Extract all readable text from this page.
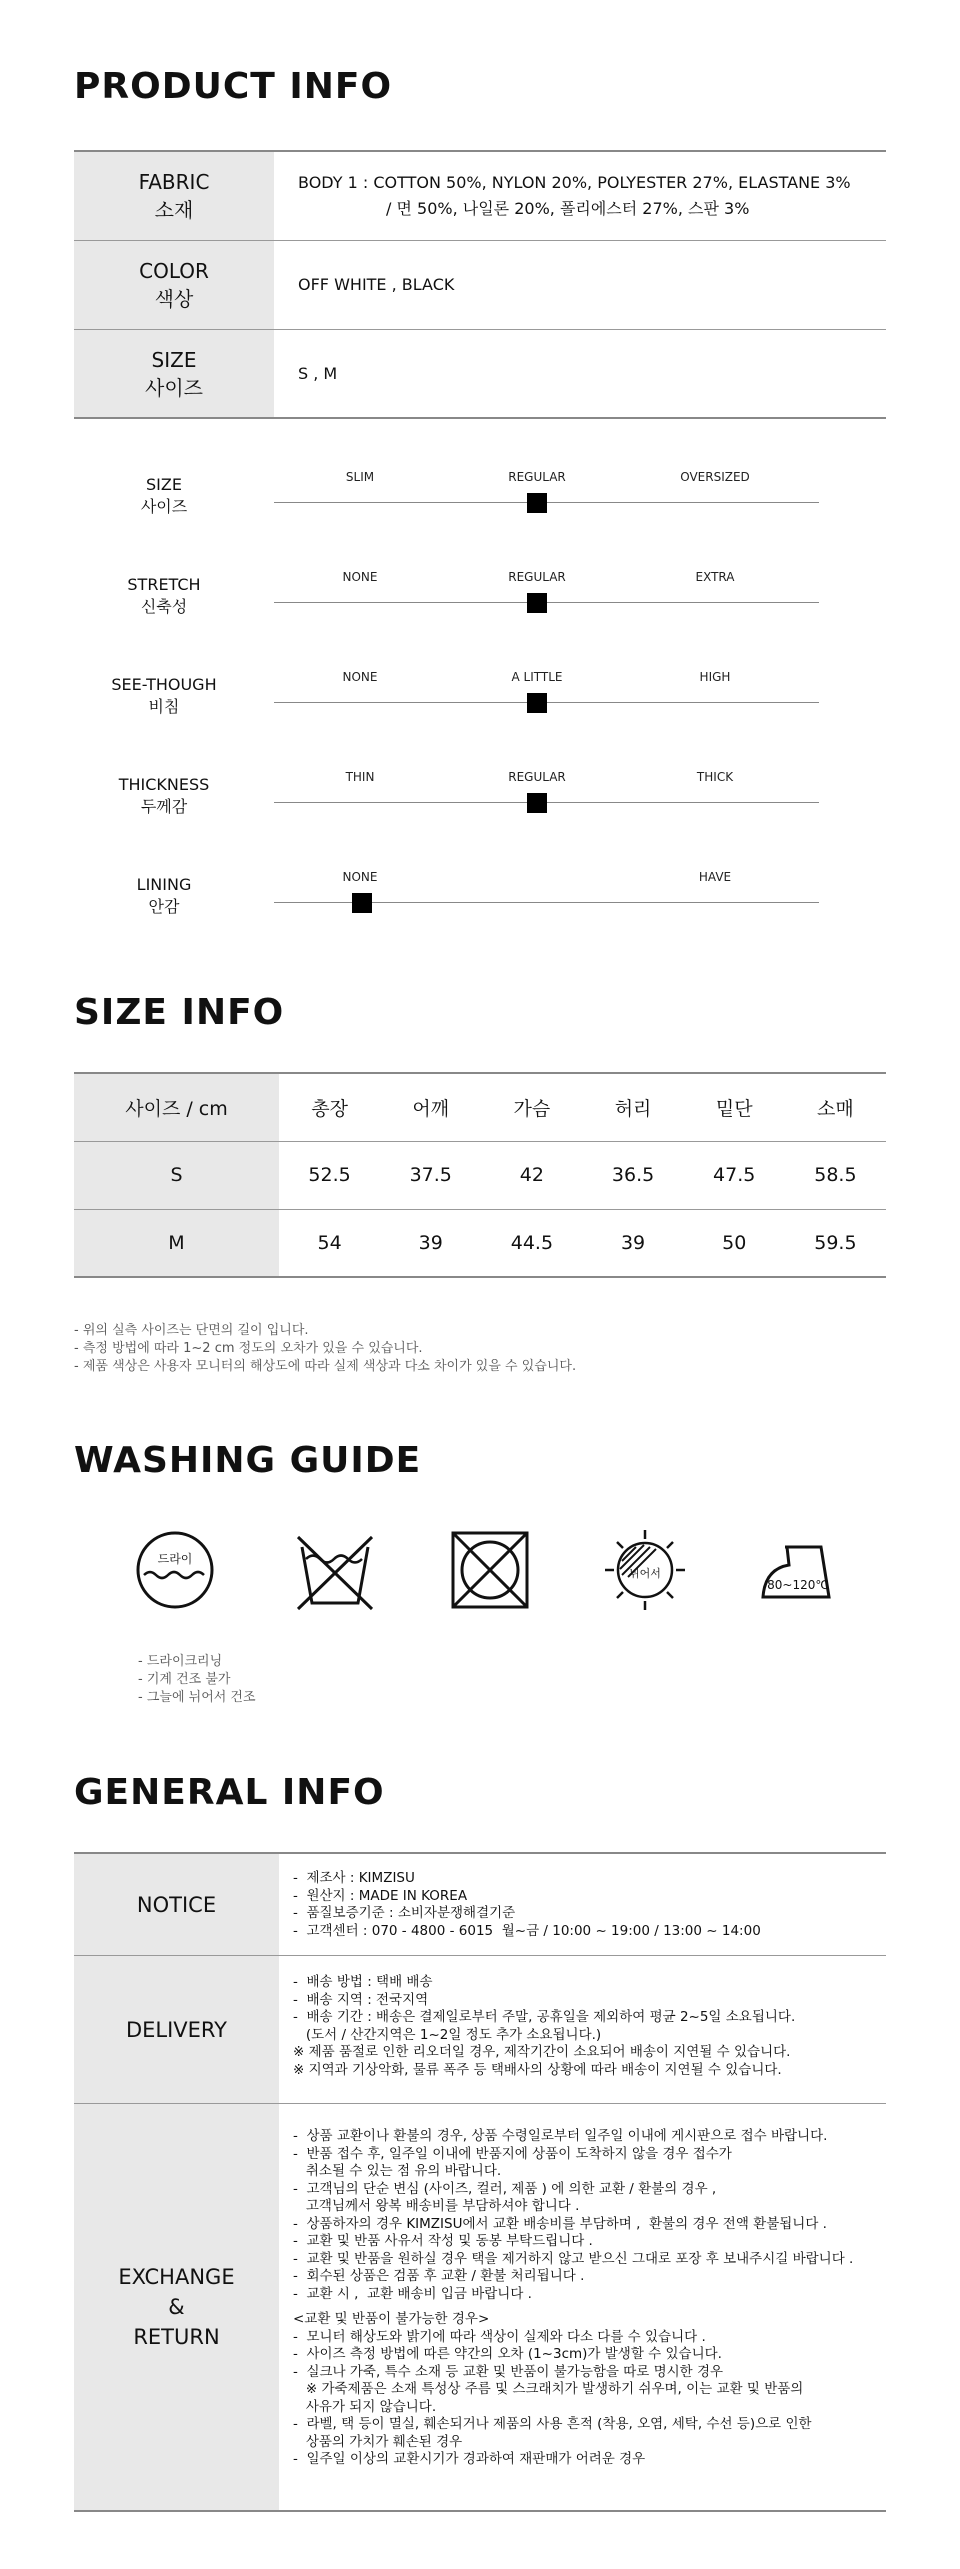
PRODUCT INFO
FABRIC
소재
BODY 1 : COTTON 50%, NYLON 20%, POLYESTER 27%, ELASTANE 3%
/ 면 50%, 나일론 20%, 폴리에스터 27%, 스판 3%
COLOR
색상
OFF WHITE , BLACK
SIZE
사이즈
S , M
SIZE
사이즈
SLIM	REGULAR	OVERSIZED
STRETCH
신축성
NONE	REGULAR	EXTRA
SEE-THOUGH
비침
NONE	A LITTLE	HIGH
THICKNESS
두께감
THIN	REGULAR	THICK
LINING
안감
NONE	HAVE
SIZE INFO
사이즈 / cm	총장	어깨	가슴	허리	밑단	소매
S	52.5	37.5	42	36.5	47.5	58.5
M	54	39	44.5	39	50	59.5
- 위의 실측 사이즈는 단면의 길이 입니다.
- 측정 방법에 따라 1~2 cm 정도의 오차가 있을 수 있습니다.
- 제품 색상은 사용자 모니터의 해상도에 따라 실제 색상과 다소 차이가 있을 수 있습니다.
WASHING GUIDE
드라이
뉘어서
80~120℃
- 드라이크리닝
- 기계 건조 불가
- 그늘에 뉘어서 건조
GENERAL INFO
NOTICE
-  제조사 : KIMZISU
-  원산지 : MADE IN KOREA
-  품질보증기준 : 소비자분쟁해결기준
-  고객센터 : 070 - 4800 - 6015  월~금 / 10:00 ~ 19:00 / 13:00 ~ 14:00
DELIVERY
-  배송 방법 : 택배 배송
-  배송 지역 : 전국지역
-  배송 기간 : 배송은 결제일로부터 주말, 공휴일을 제외하여 평균 2~5일 소요됩니다.
(도서 / 산간지역은 1~2일 정도 추가 소요됩니다.)
※ 제품 품절로 인한 리오더일 경우, 제작기간이 소요되어 배송이 지연될 수 있습니다.
※ 지역과 기상악화, 물류 폭주 등 택배사의 상황에 따라 배송이 지연될 수 있습니다.
EXCHANGE
&
RETURN
-  상품 교환이나 환불의 경우, 상품 수령일로부터 일주일 이내에 게시판으로 접수 바랍니다.
-  반품 접수 후, 일주일 이내에 반품지에 상품이 도착하지 않을 경우 접수가
취소될 수 있는 점 유의 바랍니다.
-  고객님의 단순 변심 (사이즈, 컬러, 제품 ) 에 의한 교환 / 환불의 경우 ,
고객님께서 왕복 배송비를 부담하셔야 합니다 .
-  상품하자의 경우 KIMZISU에서 교환 배송비를 부담하며 ,  환불의 경우 전액 환불됩니다 .
-  교환 및 반품 사유서 작성 및 동봉 부탁드립니다 .
-  교환 및 반품을 원하실 경우 택을 제거하지 않고 받으신 그대로 포장 후 보내주시길 바랍니다 .
-  회수된 상품은 검품 후 교환 / 환불 처리됩니다 .
-  교환 시 ,  교환 배송비 입금 바랍니다 .
<교환 및 반품이 불가능한 경우>
-  모니터 해상도와 밝기에 따라 색상이 실제와 다소 다를 수 있습니다 .
-  사이즈 측정 방법에 따른 약간의 오차 (1~3cm)가 발생할 수 있습니다.
-  실크나 가죽, 특수 소재 등 교환 및 반품이 불가능함을 따로 명시한 경우
※ 가죽제품은 소재 특성상 주름 및 스크래치가 발생하기 쉬우며, 이는 교환 및 반품의
사유가 되지 않습니다.
-  라벨, 택 등이 멸실, 훼손되거나 제품의 사용 흔적 (착용, 오염, 세탁, 수선 등)으로 인한
상품의 가치가 훼손된 경우
-  일주일 이상의 교환시기가 경과하여 재판매가 어려운 경우
